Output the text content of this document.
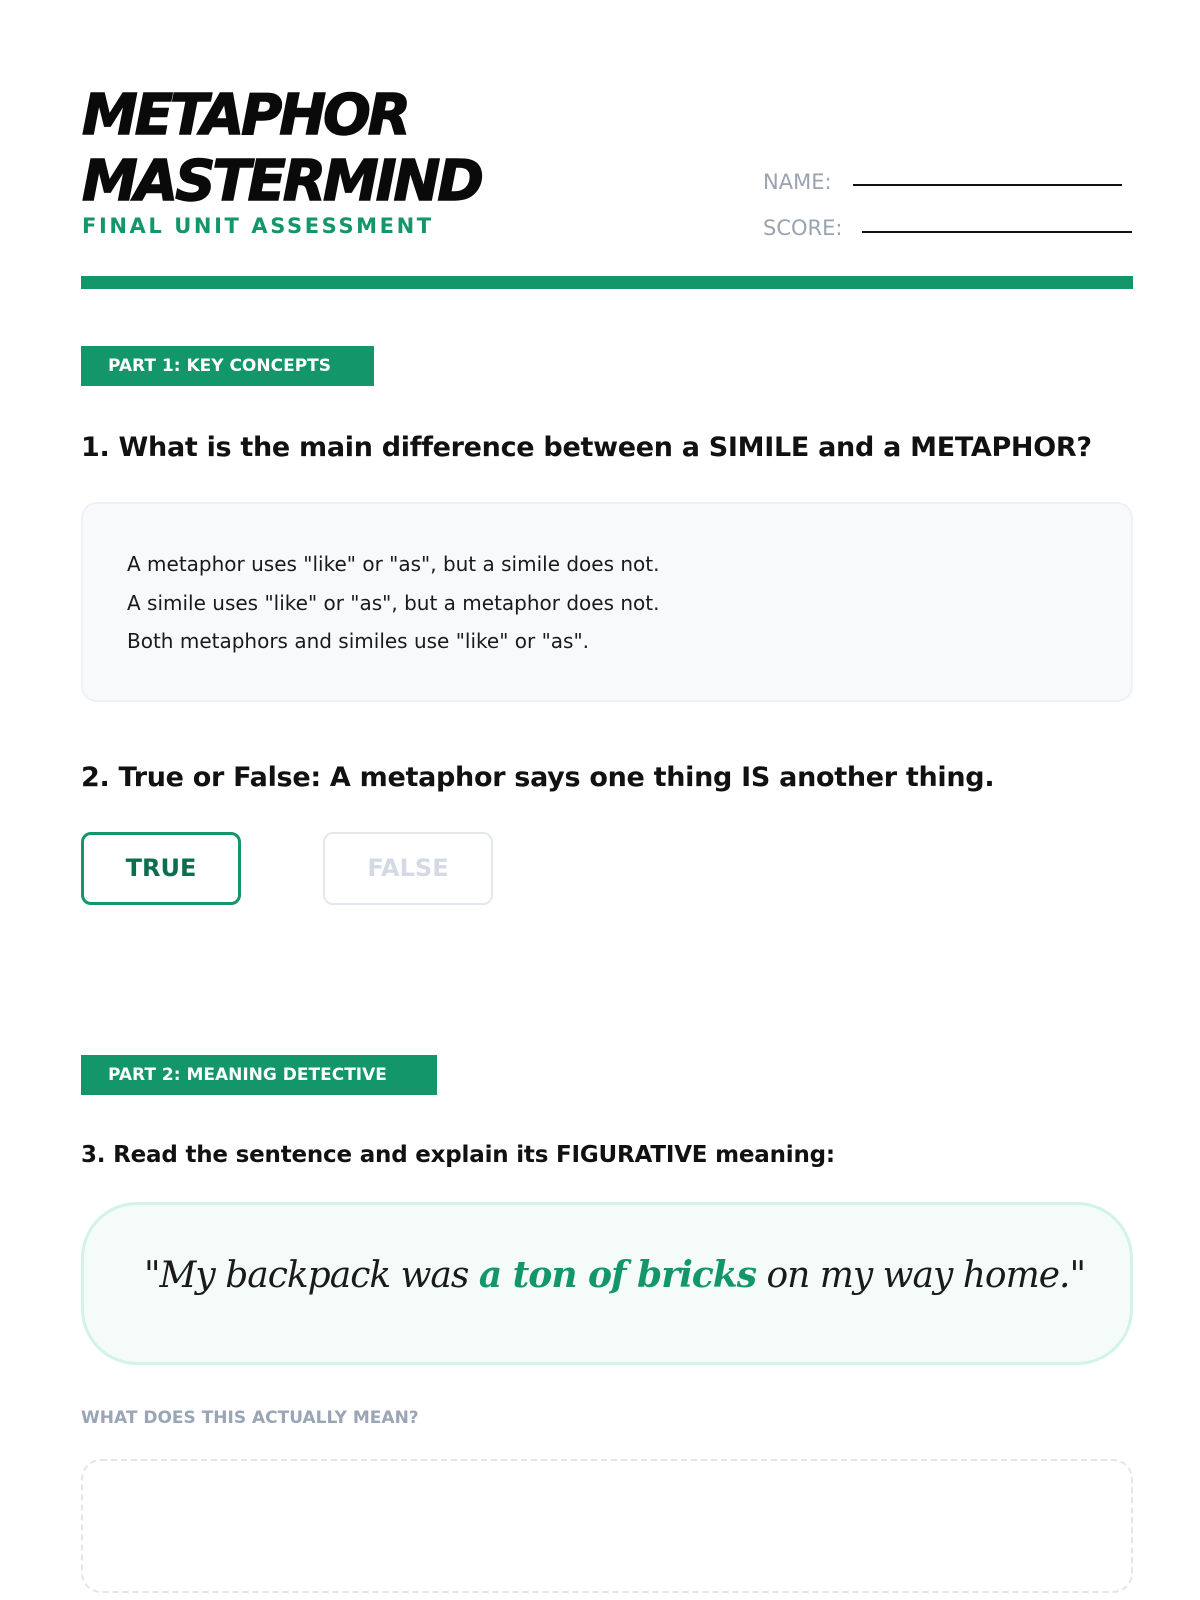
METAPHOR
MASTERMIND
FINAL UNIT ASSESSMENT
NAME:
SCORE:
PART 1: KEY CONCEPTS
1. What is the main difference between a SIMILE and a METAPHOR?
A metaphor uses "like" or "as", but a simile does not.
A simile uses "like" or "as", but a metaphor does not.
Both metaphors and similes use "like" or "as".
2. True or False: A metaphor says one thing IS another thing.
TRUE	FALSE
PART 2: MEANING DETECTIVE
3. Read the sentence and explain its FIGURATIVE meaning:
"My backpack was a ton of bricks on my way home."
WHAT DOES THIS ACTUALLY MEAN?
